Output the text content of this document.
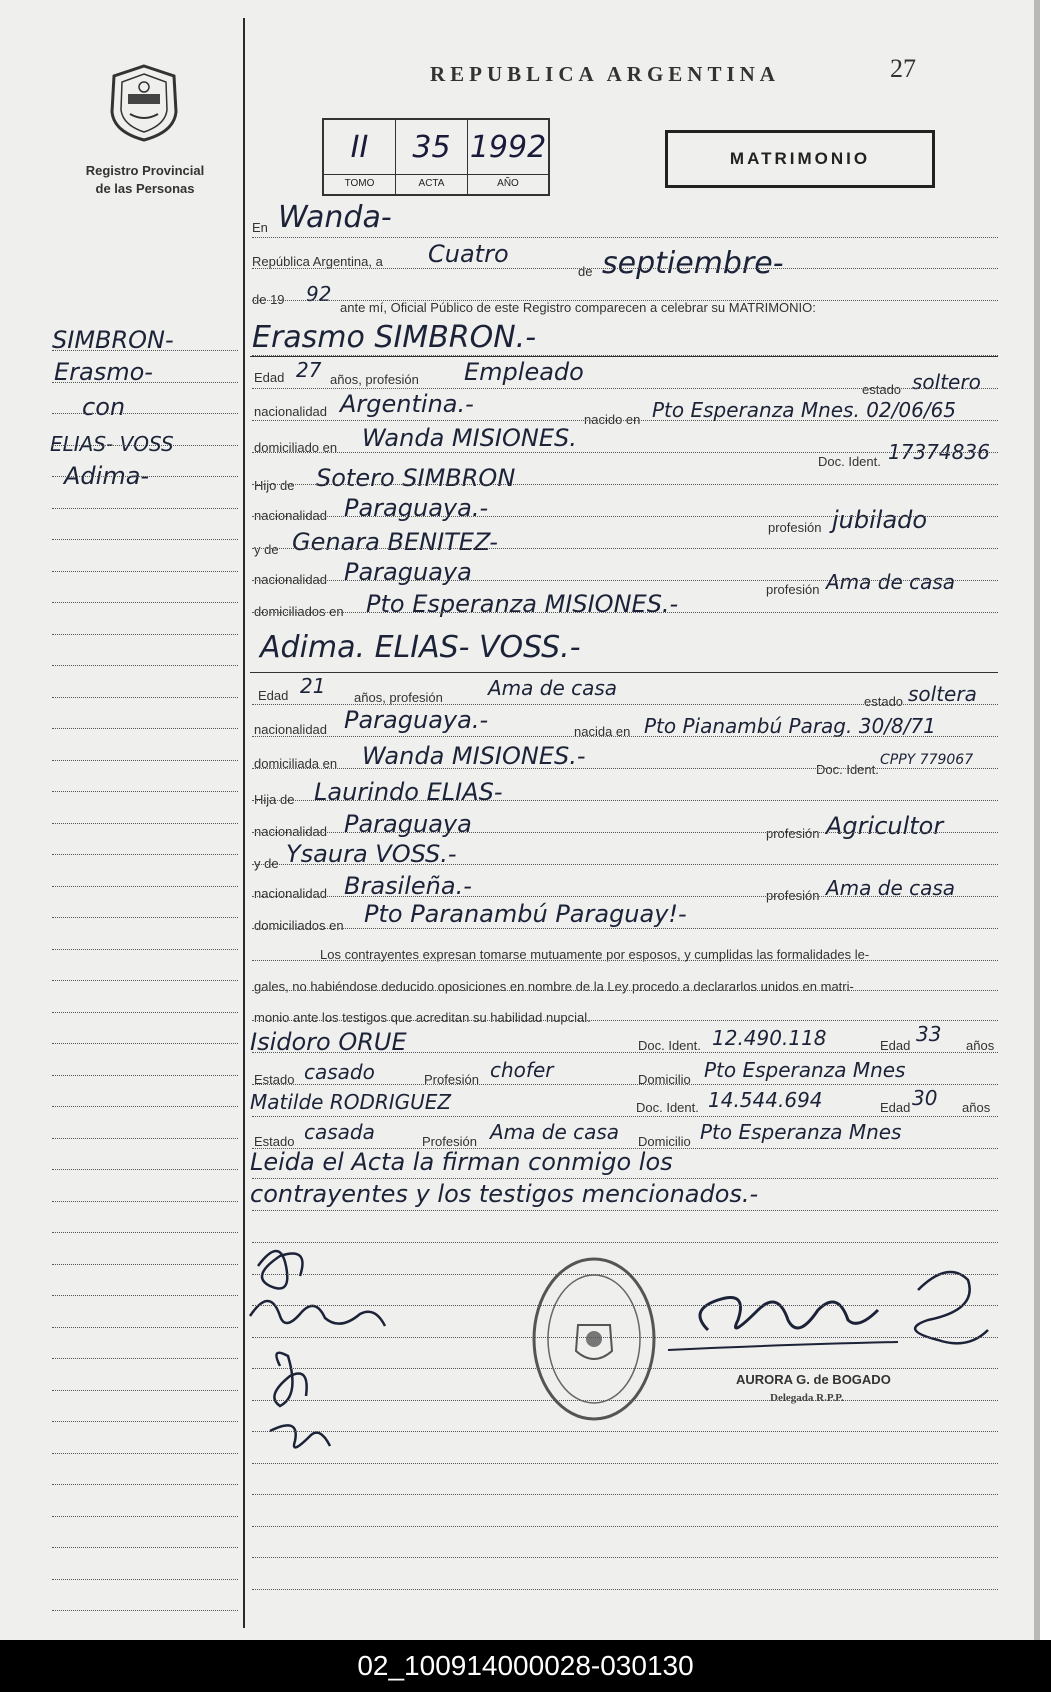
Registro Provincial
de las Personas
REPUBLICA ARGENTINA	27
II
TOMO
35
ACTA
1992
AÑO
MATRIMONIO
SIMBRON-
Erasmo-
con
ELIAS- VOSS
Adima-
En Wanda-
República Argentina, a Cuatro
de septiembre-
de 19 92
ante mí, Oficial Público de este Registro comparecen a celebrar su MATRIMONIO:
Erasmo SIMBRON.-
Edad 27 años, profesión Empleado
estado soltero
nacionalidad Argentina.-
nacido en Pto Esperanza Mnes. 02/06/65
domiciliado en Wanda MISIONES.
Doc. Ident. 17374836
Hijo de Sotero SIMBRON
nacionalidad Paraguaya.-
profesión jubilado
y de Genara BENITEZ-
nacionalidad Paraguaya
profesión Ama de casa
domiciliados en Pto Esperanza MISIONES.-
Adima. ELIAS- VOSS.-
Edad 21 años, profesión Ama de casa
estado soltera
nacionalidad Paraguaya.-	nacida en Pto Pianambú Parag. 30/8/71
domiciliada en Wanda MISIONES.-	Doc. Ident.
CPPY 779067
Hija de Laurindo ELIAS-
nacionalidad Paraguaya	profesión Agricultor
y de Ysaura VOSS.-
nacionalidad Brasileña.-	profesión Ama de casa
domiciliados en Pto Paranambú Paraguay!-
Los contrayentes expresan tomarse mutuamente por esposos, y cumplidas las formalidades le-
gales, no habiéndose deducido oposiciones en nombre de la Ley procedo a declararlos unidos en matri-
monio ante los testigos que acreditan su habilidad nupcial.
Isidoro ORUE	Doc. Ident. 12.490.118	Edad 33 años
Estado casado	Profesión chofer	Domicilio Pto Esperanza Mnes
Matilde RODRIGUEZ	Doc. Ident. 14.544.694	Edad 30 años
Estado casada	Profesión Ama de casa Domicilio Pto Esperanza Mnes
Leida el Acta la firman conmigo los
contrayentes y los testigos mencionados.-
AURORA G. de BOGADO
Delegada R.P.P.
02_100914000028-030130
